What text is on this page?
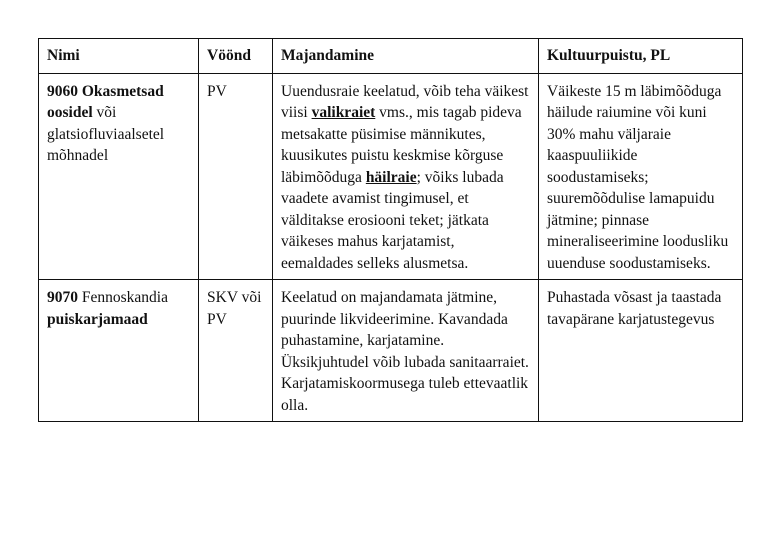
Nimi	Vöönd	Majandamine	Kultuurpuistu, PL
9060 Okasmetsad oosidel või glatsiofluviaalsetel mõhnadel	PV	Uuendusraie keelatud, võib teha väikest viisi valikraiet vms., mis tagab pideva metsakatte püsimise männikutes, kuusikutes puistu keskmise kõrguse läbimõõduga häilraie; võiks lubada vaadete avamist tingimusel, et välditakse erosiooni teket; jätkata väikeses mahus karjatamist, eemaldades selleks alusmetsa.	Väikeste 15 m läbimõõduga häilude raiumine või kuni 30% mahu väljaraie kaaspuuliikide soodustamiseks; suuremõõdulise lamapuidu jätmine; pinnase mineraliseerimine loodusliku uuenduse soodustamiseks.
9070 Fennoskandia puiskarjamaad	SKV või PV	Keelatud on majandamata jätmine, puurinde likvideerimine. Kavandada puhastamine, karjatamine. Üksikjuhtudel võib lubada sanitaarraiet. Karjatamiskoormusega tuleb ettevaatlik olla.	Puhastada võsast ja taastada tavapärane karjatustegevus
